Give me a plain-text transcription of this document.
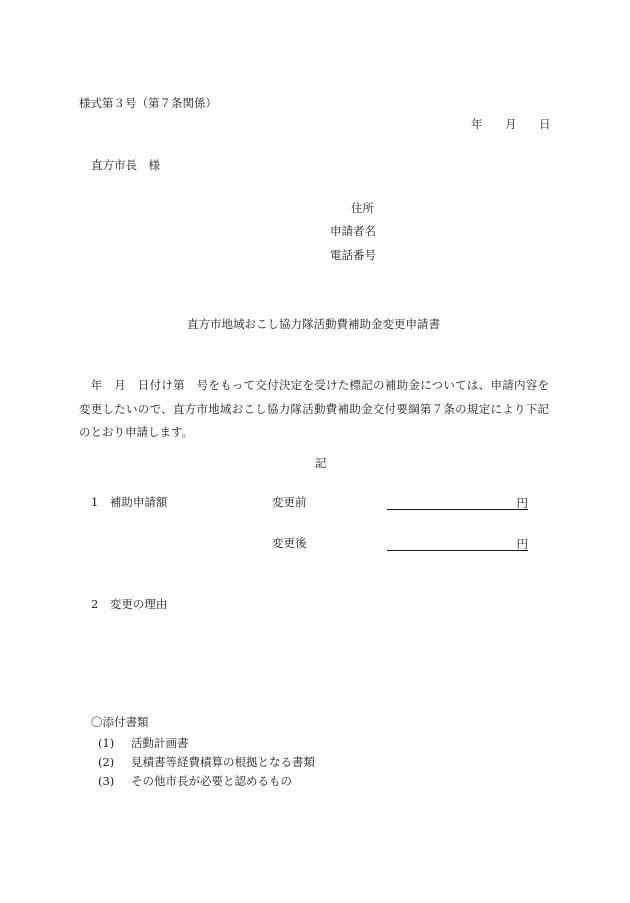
様式第３号（第７条関係）
年 月 日
直方市長　様
住所
申請者名
電話番号
直方市地域おこし協力隊活動費補助金変更申請書
　年　月　日付け第　号をもって交付決定を受けた標記の補助金については、申請内容を変更したいので、直方市地域おこし協力隊活動費補助金交付要綱第７条の規定により下記のとおり申請します。
記
1　補助申請額	変更前	円
変更後	円
2　変更の理由
〇添付書類
(1) 活動計画書
(2) 見積書等経費積算の根拠となる書類
(3) その他市長が必要と認めるもの
